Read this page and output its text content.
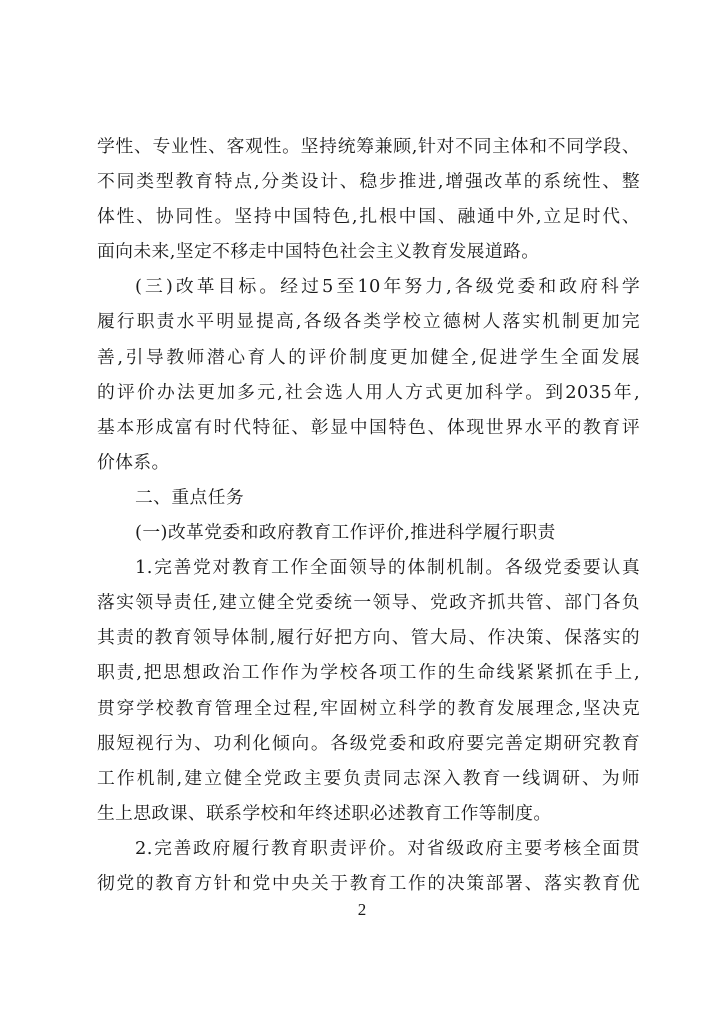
学性、专业性、客观性。坚持统筹兼顾,针对不同主体和不同学段、
不同类型教育特点,分类设计、稳步推进,增强改革的系统性、整
体性、协同性。坚持中国特色,扎根中国、融通中外,立足时代、
面向未来,坚定不移走中国特色社会主义教育发展道路。
(三)改革目标。经过5至10年努力,各级党委和政府科学
履行职责水平明显提高,各级各类学校立德树人落实机制更加完
善,引导教师潜心育人的评价制度更加健全,促进学生全面发展
的评价办法更加多元,社会选人用人方式更加科学。到2035年,
基本形成富有时代特征、彰显中国特色、体现世界水平的教育评
价体系。
二、重点任务
(一)改革党委和政府教育工作评价,推进科学履行职责
1.完善党对教育工作全面领导的体制机制。各级党委要认真
落实领导责任,建立健全党委统一领导、党政齐抓共管、部门各负
其责的教育领导体制,履行好把方向、管大局、作决策、保落实的
职责,把思想政治工作作为学校各项工作的生命线紧紧抓在手上,
贯穿学校教育管理全过程,牢固树立科学的教育发展理念,坚决克
服短视行为、功利化倾向。各级党委和政府要完善定期研究教育
工作机制,建立健全党政主要负责同志深入教育一线调研、为师
生上思政课、联系学校和年终述职必述教育工作等制度。
2.完善政府履行教育职责评价。对省级政府主要考核全面贯
彻党的教育方针和党中央关于教育工作的决策部署、落实教育优
2
